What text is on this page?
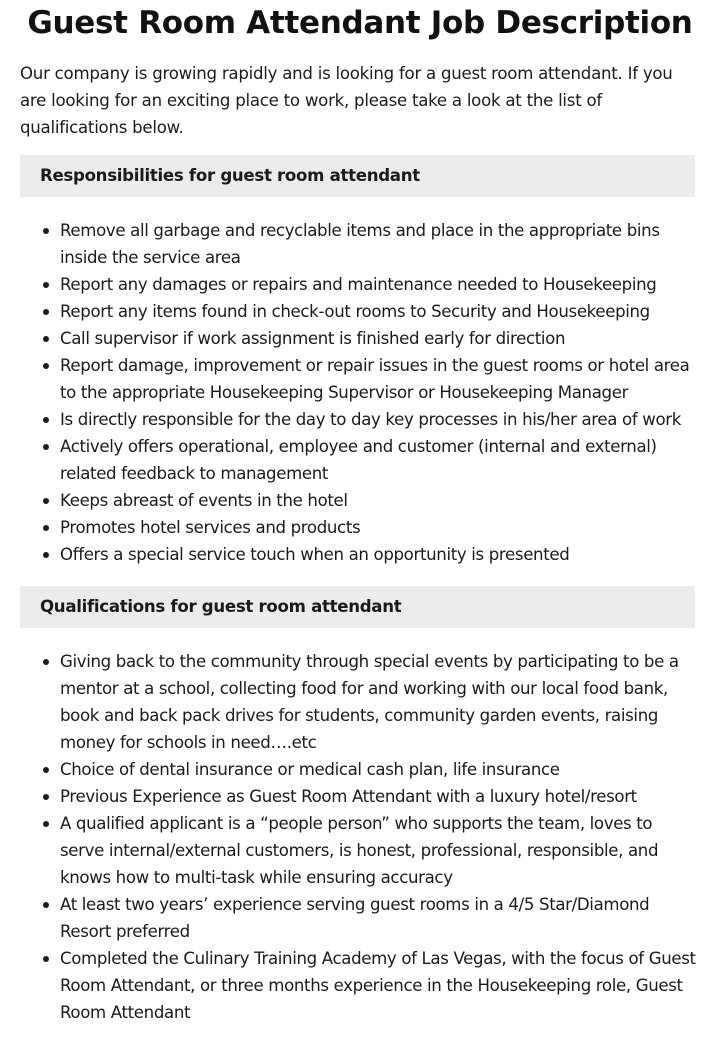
Guest Room Attendant Job Description

Our company is growing rapidly and is looking for a guest room attendant. If you are looking for an exciting place to work, please take a look at the list of qualifications below.

Responsibilities for guest room attendant
Remove all garbage and recyclable items and place in the appropriate bins inside the service area
Report any damages or repairs and maintenance needed to Housekeeping
Report any items found in check-out rooms to Security and Housekeeping
Call supervisor if work assignment is finished early for direction
Report damage, improvement or repair issues in the guest rooms or hotel area to the appropriate Housekeeping Supervisor or Housekeeping Manager
Is directly responsible for the day to day key processes in his/her area of work
Actively offers operational, employee and customer (internal and external) related feedback to management
Keeps abreast of events in the hotel
Promotes hotel services and products
Offers a special service touch when an opportunity is presented
Qualifications for guest room attendant
Giving back to the community through special events by participating to be a mentor at a school, collecting food for and working with our local food bank, book and back pack drives for students, community garden events, raising money for schools in need….etc
Choice of dental insurance or medical cash plan, life insurance
Previous Experience as Guest Room Attendant with a luxury hotel/resort
A qualified applicant is a “people person” who supports the team, loves to serve internal/external customers, is honest, professional, responsible, and knows how to multi-task while ensuring accuracy
At least two years’ experience serving guest rooms in a 4/5 Star/Diamond Resort preferred
Completed the Culinary Training Academy of Las Vegas, with the focus of Guest Room Attendant, or three months experience in the Housekeeping role, Guest Room Attendant
